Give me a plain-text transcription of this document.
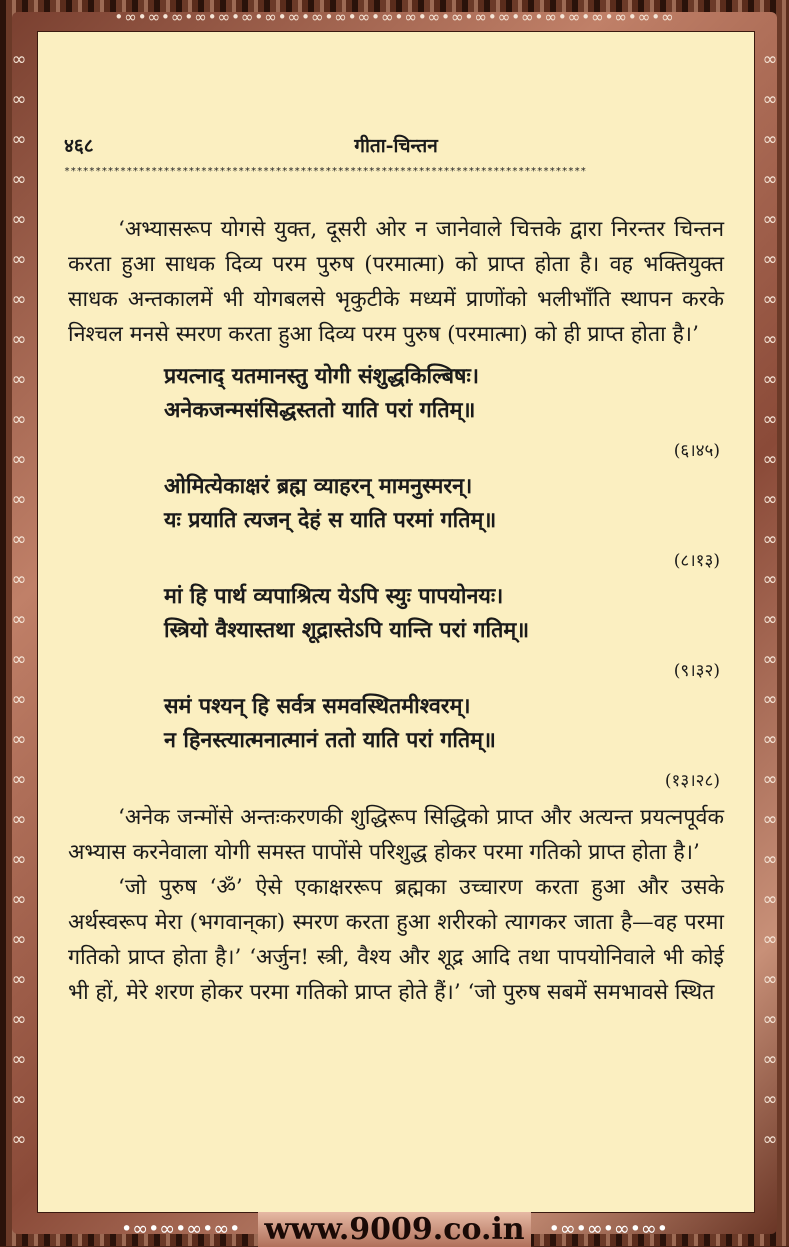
•∞•∞•∞•∞•∞•∞•∞•∞•∞•∞•∞•∞•∞•∞•∞•∞•∞•∞•∞•∞•∞•∞•∞•∞
∞
∞
∞
∞
∞
∞
∞
∞
∞
∞
∞
∞
∞
∞
∞
∞
∞
∞
∞
∞
∞
∞
∞
∞
∞
∞
∞
∞
∞
∞
∞
∞
∞
∞
∞
∞
∞
∞
∞
∞
∞
∞
∞
∞
∞
∞
∞
∞
∞
∞
∞
∞
∞
∞
∞
∞
४६८	गीता-चिन्तन
************************************************************************************

‘अभ्यासरूप योगसे युक्त, दूसरी ओर न जानेवाले चित्तके द्वारा निरन्तर चिन्तन करता हुआ साधक दिव्य परम पुरुष (परमात्मा) को प्राप्त होता है। वह भक्तियुक्त साधक अन्तकालमें भी योगबलसे भृकुटीके मध्यमें प्राणोंको भलीभाँति स्थापन करके निश्चल मनसे स्मरण करता हुआ दिव्य परम पुरुष (परमात्मा) को ही प्राप्त होता है।’

प्रयत्नाद्‌ यतमानस्तु योगी संशुद्धकिल्बिषः।
अनेकजन्मसंसिद्धस्ततो याति परां गतिम्‌॥
(६।४५)
ओमित्येकाक्षरं ब्रह्म व्याहरन्‌ मामनुस्मरन्‌।
यः प्रयाति त्यजन्‌ देहं स याति परमां गतिम्‌॥
(८।१३)
मां हि पार्थ व्यपाश्रित्य येऽपि स्युः पापयोनयः।
स्त्रियो वैश्यास्तथा शूद्रास्तेऽपि यान्ति परां गतिम्‌॥
(९।३२)
समं पश्यन्‌ हि सर्वत्र समवस्थितमीश्वरम्‌।
न हिनस्त्यात्मनात्मानं ततो याति परां गतिम्‌॥
(१३।२८)

‘अनेक जन्मोंसे अन्तःकरणकी शुद्धिरूप सिद्धिको प्राप्त और अत्यन्त प्रयत्नपूर्वक अभ्यास करनेवाला योगी समस्त पापोंसे परिशुद्ध होकर परमा गतिको प्राप्त होता है।’

‘जो पुरुष ‘ॐ’ ऐसे एकाक्षररूप ब्रह्मका उच्चारण करता हुआ और उसके अर्थस्वरूप मेरा (भगवान्‌का) स्मरण करता हुआ शरीरको त्यागकर जाता है—वह परमा गतिको प्राप्त होता है।’ ‘अर्जुन! स्त्री, वैश्य और शूद्र आदि तथा पापयोनिवाले भी कोई भी हों, मेरे शरण होकर परमा गतिको प्राप्त होते हैं।’ ‘जो पुरुष सबमें समभावसे स्थित

•∞•∞•∞•∞• www.9009.co.in	•∞•∞•∞•∞•
